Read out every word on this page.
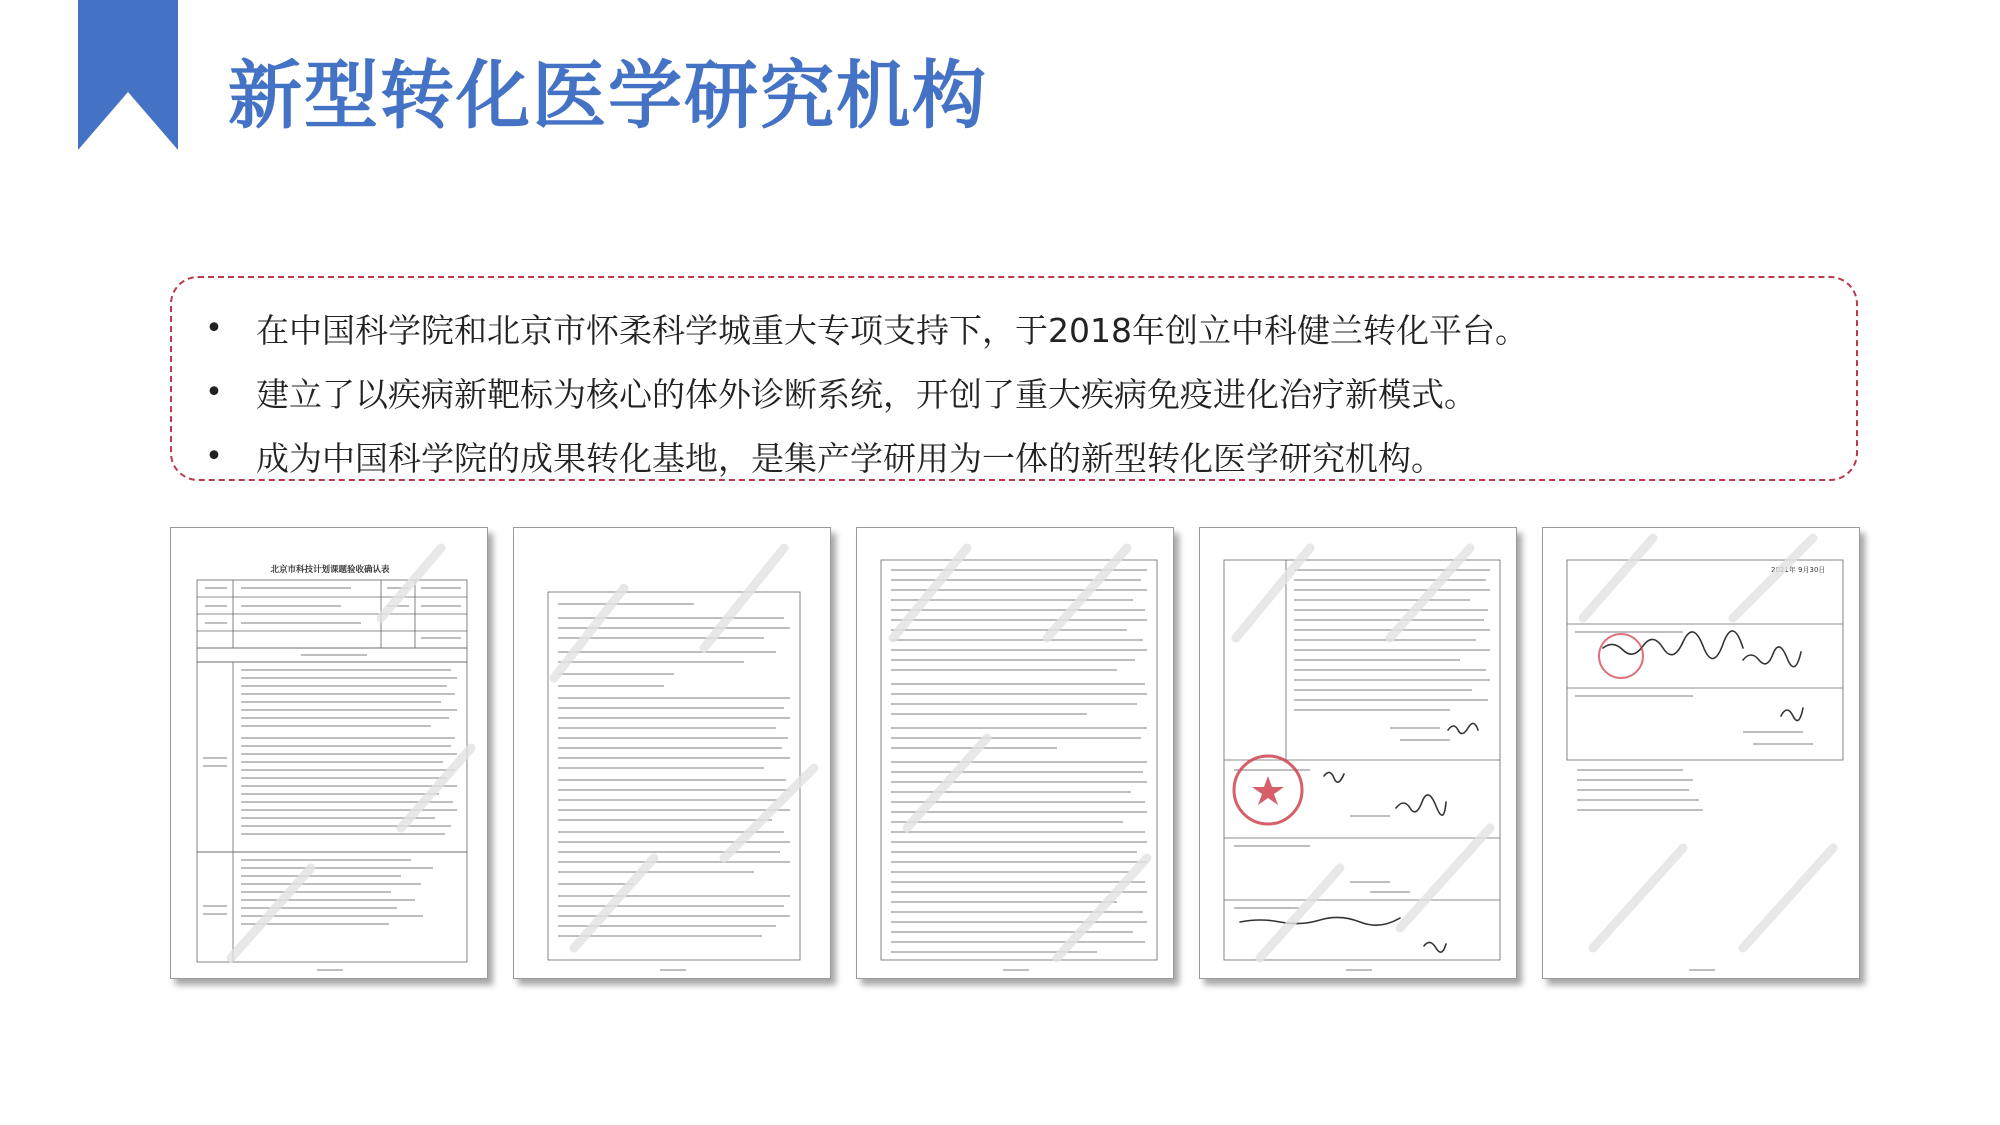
新型转化医学研究机构
•	在中国科学院和北京市怀柔科学城重大专项支持下，于2018年创立中科健兰转化平台。
•	建立了以疾病新靶标为核心的体外诊断系统，开创了重大疾病免疫进化治疗新模式。
•	成为中国科学院的成果转化基地，是集产学研用为一体的新型转化医学研究机构。
北京市科技计划课题验收确认表	2021年 9月30日
